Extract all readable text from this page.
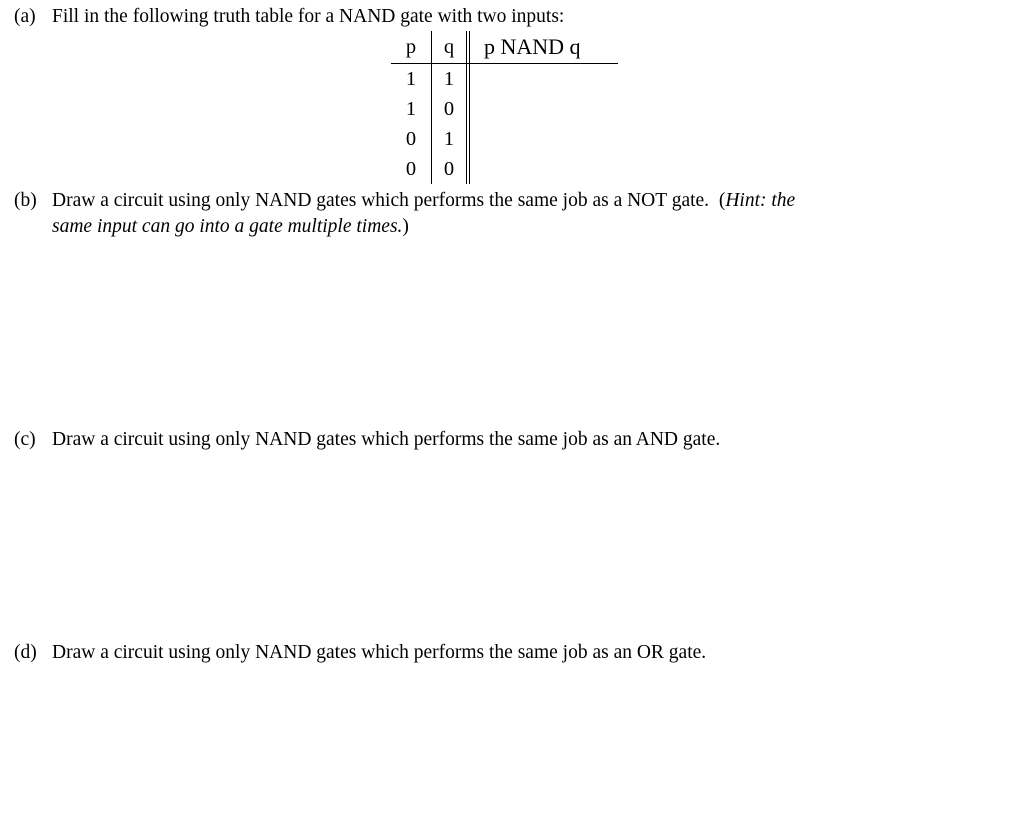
(a) Fill in the following truth table for a NAND gate with two inputs:
p	q	p NAND q
1	1
1	0
0	1
0	0
(b) Draw a circuit using only NAND gates which performs the same job as a NOT gate. (Hint: the
same input can go into a gate multiple times.)
(c) Draw a circuit using only NAND gates which performs the same job as an AND gate.
(d) Draw a circuit using only NAND gates which performs the same job as an OR gate.
